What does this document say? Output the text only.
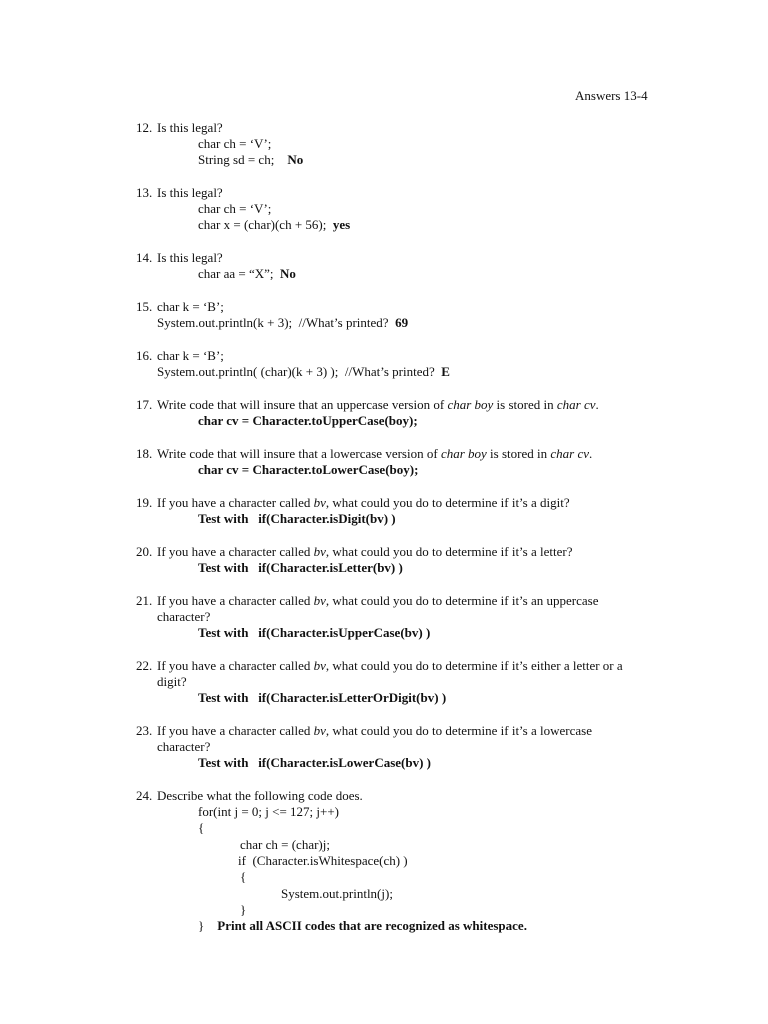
Answers 13-4
12. Is this legal?
char ch = ‘V’;
String sd = ch; No
13. Is this legal?
char ch = ‘V’;
char x = (char)(ch + 56); yes
14. Is this legal?
char aa = “X”; No
15. char k = ‘B’;
System.out.println(k + 3);  //What’s printed? 69
16. char k = ‘B’;
System.out.println( (char)(k + 3) );  //What’s printed? E
17. Write code that will insure that an uppercase version of char boy is stored in char cv.
char cv = Character.toUpperCase(boy);
18. Write code that will insure that a lowercase version of char boy is stored in char cv.
char cv = Character.toLowerCase(boy);
19. If you have a character called bv, what could you do to determine if it’s a digit?
Test with   if(Character.isDigit(bv) )
20. If you have a character called bv, what could you do to determine if it’s a letter?
Test with   if(Character.isLetter(bv) )
21. If you have a character called bv, what could you do to determine if it’s an uppercase
character?
Test with   if(Character.isUpperCase(bv) )
22. If you have a character called bv, what could you do to determine if it’s either a letter or a
digit?
Test with   if(Character.isLetterOrDigit(bv) )
23. If you have a character called bv, what could you do to determine if it’s a lowercase
character?
Test with   if(Character.isLowerCase(bv) )
24. Describe what the following code does.
for(int j = 0; j <= 127; j++)
{
char ch = (char)j;
if  (Character.isWhitespace(ch) )
{
System.out.println(j);
}
} Print all ASCII codes that are recognized as whitespace.
